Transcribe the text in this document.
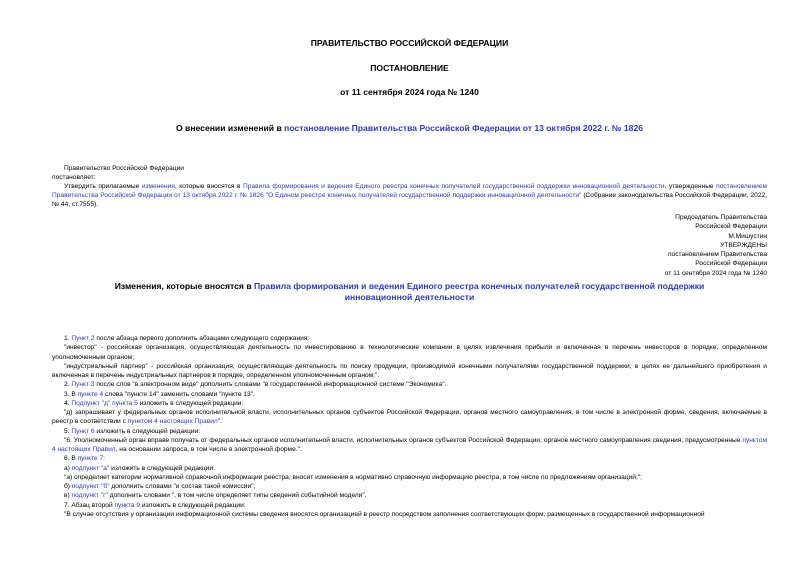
ПРАВИТЕЛЬСТВО РОССИЙСКОЙ ФЕДЕРАЦИИ
ПОСТАНОВЛЕНИЕ
от 11 сентября 2024 года № 1240
О внесении изменений в постановление Правительства Российской Федерации от 13 октября 2022 г. № 1826

Правительство Российской Федерации

постановляет:

Утвердить прилагаемые изменения, которые вносятся в Правила формирования и ведения Единого реестра конечных получателей государственной поддержки инновационной деятельности, утвержденные постановлением Правительства Российской Федерации от 13 октября 2022 г. № 1826 "О Едином реестре конечных получателей государственной поддержки инновационной деятельности" (Собрание законодательства Российской Федерации, 2022, № 44, ст.7555).

Председатель Правительства

Российской Федерации

М.Мишустин

УТВЕРЖДЕНЫ

постановлением Правительства

Российской Федерации

от 11 сентября 2024 года № 1240

Изменения, которые вносятся в Правила формирования и ведения Единого реестра конечных получателей государственной поддержки инновационной деятельности

1. Пункт 2 после абзаца первого дополнить абзацами следующего содержания:

"инвестор" - российская организация, осуществляющая деятельность по инвестированию в технологические компании в целях извлечения прибыли и включенная в перечень инвесторов в порядке, определенном уполномоченным органом;

"индустриальный партнер" - российская организация, осуществляющая деятельность по поиску продукции, производимой конечными получателями государственной поддержки, в целях ее дальнейшего приобретения и включенная в перечень индустриальных партнеров в порядке, определенном уполномоченным органом;".

2. Пункт 3 после слов "в электронном виде" дополнить словами "в государственной информационной системе "Экономика".

3. В пункте 4 слова "пункте 14" заменить словами "пункте 13".

4. Подпункт "д" пункта 5 изложить в следующей редакции:

"д) запрашивает у федеральных органов исполнительной власти, исполнительных органов субъектов Российской Федерации, органов местного самоуправления, в том числе в электронной форме, сведения, включаемые в реестр в соответствии с пунктом 4 настоящих Правил".

5. Пункт 6 изложить в следующей редакции:

"6. Уполномоченный орган вправе получать от федеральных органов исполнительной власти, исполнительных органов субъектов Российской Федерации, органов местного самоуправления сведения, предусмотренные пунктом 4 настоящих Правил, на основании запроса, в том числе в электронной форме.".

6. В пункте 7:

а) подпункт "а" изложить в следующей редакции:

"а) определяет категории нормативной справочной информации реестра, вносит изменения в нормативно справочную информацию реестра, в том числе по предложениям организаций;";

б) подпункт "б" дополнить словами "и состав такой комиссии";

в) подпункт "г" дополнить словами ", в том числе определяет типы сведений событийной модели".

7. Абзац второй пункта 9 изложить в следующей редакции:

"В случае отсутствия у организации информационной системы сведения вносятся организацией в реестр посредством заполнения соответствующих форм, размещенных в государственной информационной
